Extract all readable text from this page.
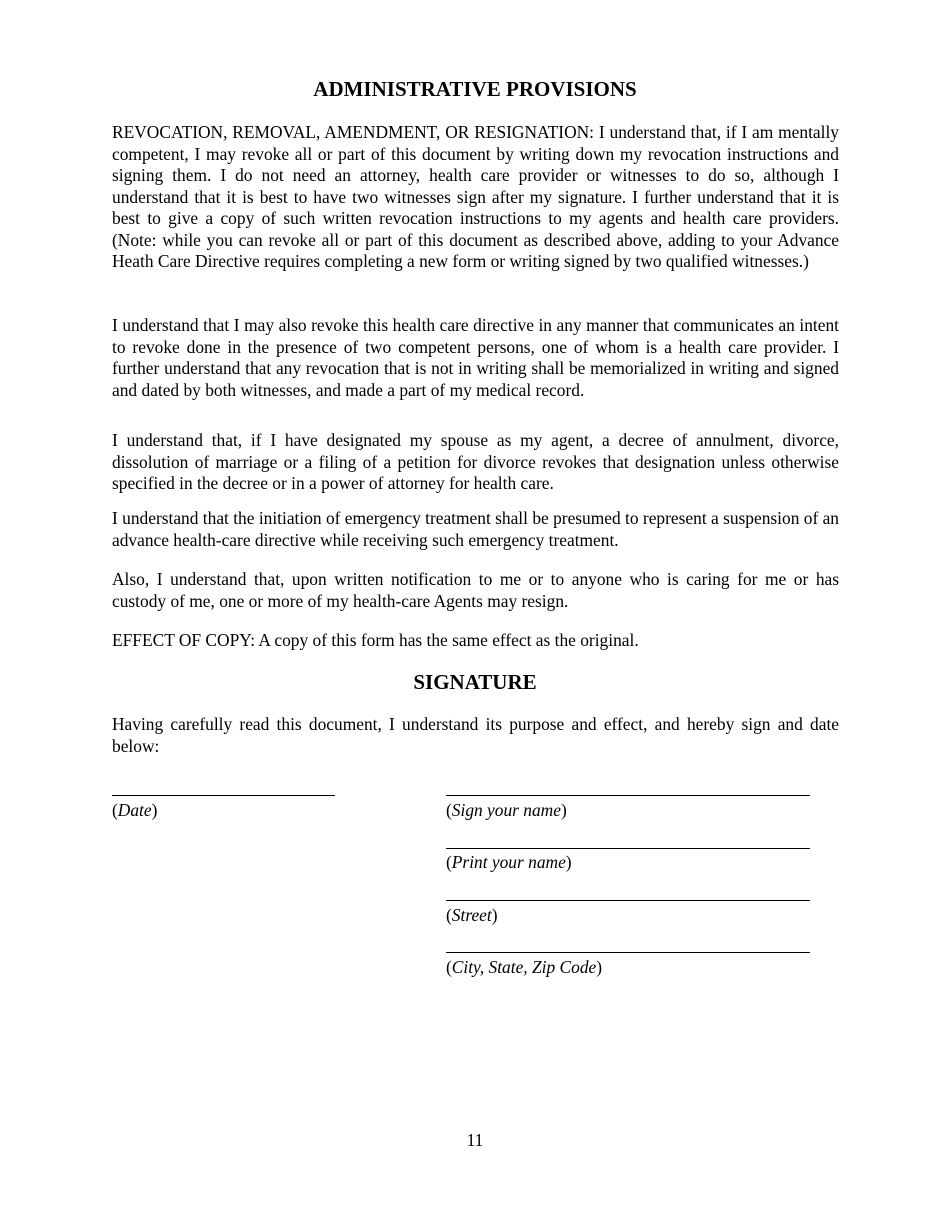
ADMINISTRATIVE PROVISIONS

REVOCATION, REMOVAL, AMENDMENT, OR RESIGNATION: I understand that, if I am mentally competent, I may revoke all or part of this document by writing down my revocation instructions and signing them. I do not need an attorney, health care provider or witnesses to do so, although I understand that it is best to have two witnesses sign after my signature. I further understand that it is best to give a copy of such written revocation instructions to my agents and health care providers. (Note: while you can revoke all or part of this document as described above, adding to your Advance Heath Care Directive requires completing a new form or writing signed by two qualified witnesses.)

I understand that I may also revoke this health care directive in any manner that communicates an intent to revoke done in the presence of two competent persons, one of whom is a health care provider. I further understand that any revocation that is not in writing shall be memorialized in writing and signed and dated by both witnesses, and made a part of my medical record.

I understand that, if I have designated my spouse as my agent, a decree of annulment, divorce, dissolution of marriage or a filing of a petition for divorce revokes that designation unless otherwise specified in the decree or in a power of attorney for health care.

I understand that the initiation of emergency treatment shall be presumed to represent a suspension of an advance health-care directive while receiving such emergency treatment.

Also, I understand that, upon written notification to me or to anyone who is caring for me or has custody of me, one or more of my health-care Agents may resign.

EFFECT OF COPY: A copy of this form has the same effect as the original.

SIGNATURE

Having carefully read this document, I understand its purpose and effect, and hereby sign and date below:

(Date)	(Sign your name)
(Print your name)
(Street)
(City, State, Zip Code)
11
